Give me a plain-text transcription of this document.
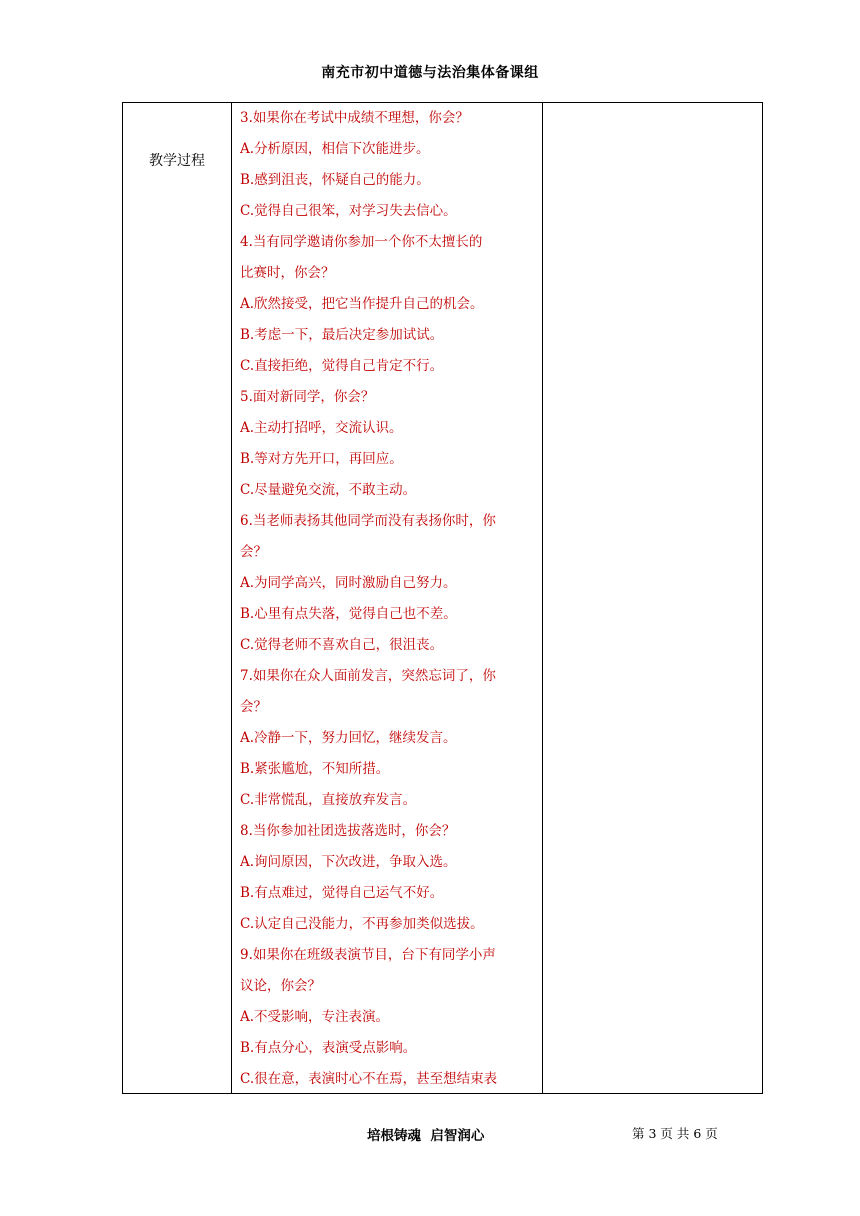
南充市初中道德与法治集体备课组
教学过程
3.如果你在考试中成绩不理想，你会？
A.分析原因，相信下次能进步。
B.感到沮丧，怀疑自己的能力。
C.觉得自己很笨，对学习失去信心。
4.当有同学邀请你参加一个你不太擅长的
比赛时，你会？
A.欣然接受，把它当作提升自己的机会。
B.考虑一下，最后决定参加试试。
C.直接拒绝，觉得自己肯定不行。
5.面对新同学，你会？
A.主动打招呼，交流认识。
B.等对方先开口，再回应。
C.尽量避免交流，不敢主动。
6.当老师表扬其他同学而没有表扬你时，你
会？
A.为同学高兴，同时激励自己努力。
B.心里有点失落，觉得自己也不差。
C.觉得老师不喜欢自己，很沮丧。
7.如果你在众人面前发言，突然忘词了，你
会？
A.冷静一下，努力回忆，继续发言。
B.紧张尴尬，不知所措。
C.非常慌乱，直接放弃发言。
8.当你参加社团选拔落选时，你会？
A.询问原因，下次改进，争取入选。
B.有点难过，觉得自己运气不好。
C.认定自己没能力，不再参加类似选拔。
9.如果你在班级表演节目，台下有同学小声
议论，你会？
A.不受影响，专注表演。
B.有点分心，表演受点影响。
C.很在意，表演时心不在焉，甚至想结束表
培根铸魂  启智润心	第 3 页 共 6 页
